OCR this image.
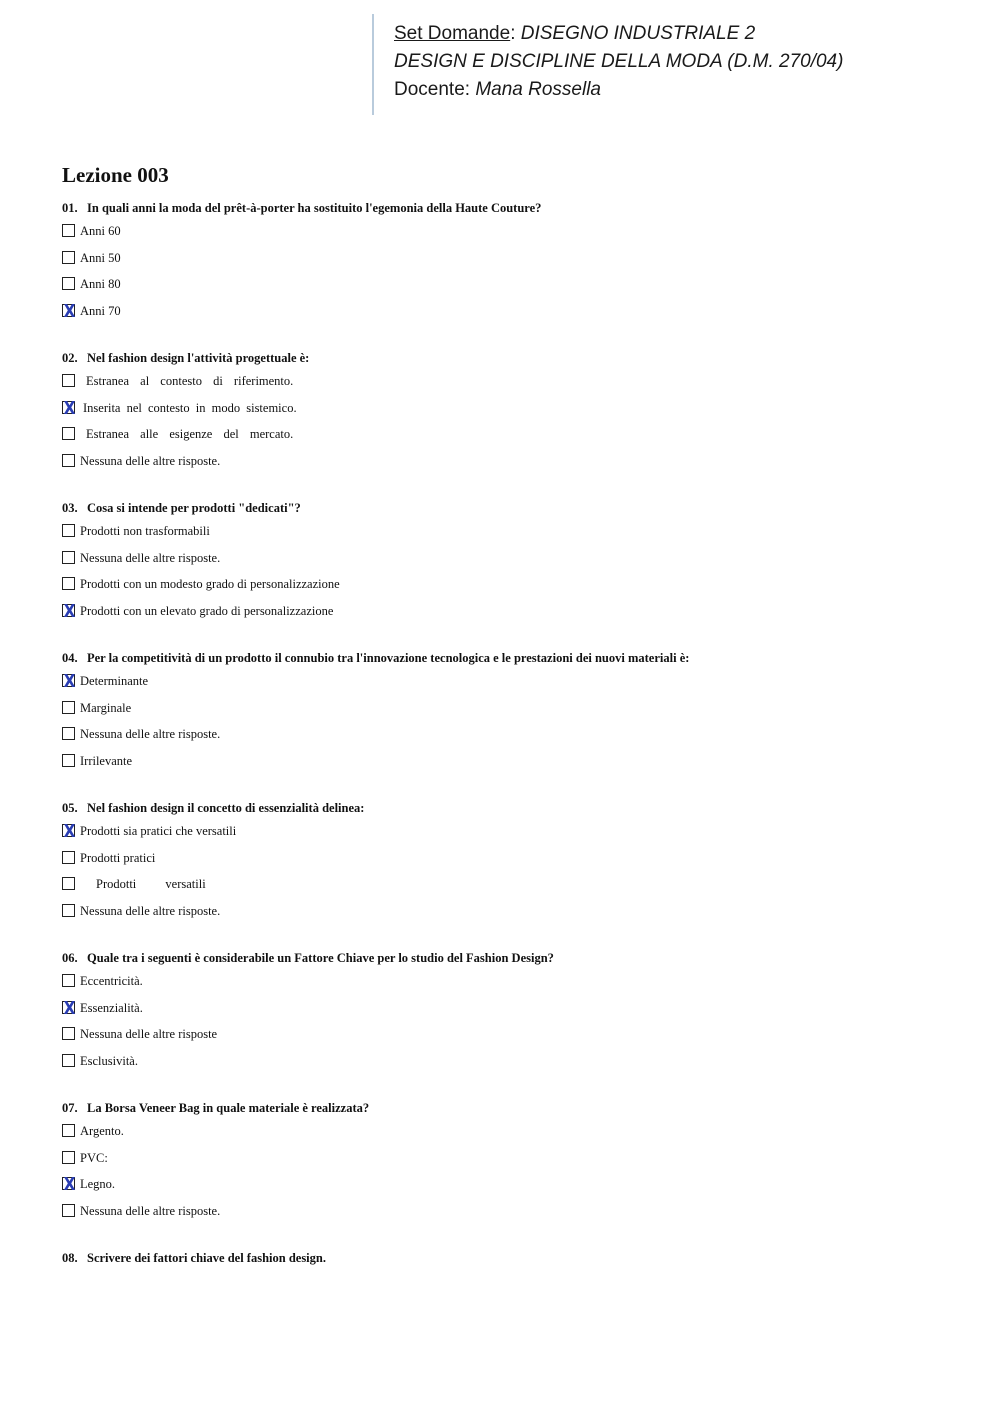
Set Domande: DISEGNO INDUSTRIALE 2
DESIGN E DISCIPLINE DELLA MODA (D.M. 270/04)
Docente: Mana Rossella
Lezione 003
01. In quali anni la moda del prêt-à-porter ha sostituito l'egemonia della Haute Couture?
Anni 60
Anni 50
Anni 80
X Anni 70
02. Nel fashion design l'attività progettuale è:
Estranea al contesto di riferimento.
X Inserita nel contesto in modo sistemico.
Estranea alle esigenze del mercato.
Nessuna delle altre risposte.
03. Cosa si intende per prodotti "dedicati"?
Prodotti non trasformabili
Nessuna delle altre risposte.
Prodotti con un modesto grado di personalizzazione
X Prodotti con un elevato grado di personalizzazione
04. Per la competitività di un prodotto il connubio tra l'innovazione tecnologica e le prestazioni dei nuovi materiali è:
X Determinante
Marginale
Nessuna delle altre risposte.
Irrilevante
05. Nel fashion design il concetto di essenzialità delinea:
X Prodotti sia pratici che versatili
Prodotti pratici
Prodotti versatili
Nessuna delle altre risposte.
06. Quale tra i seguenti è considerabile un Fattore Chiave per lo studio del Fashion Design?
Eccentricità.
X Essenzialità.
Nessuna delle altre risposte
Esclusività.
07. La Borsa Veneer Bag in quale materiale è realizzata?
Argento.
PVC:
X Legno.
Nessuna delle altre risposte.
08. Scrivere dei fattori chiave del fashion design.
